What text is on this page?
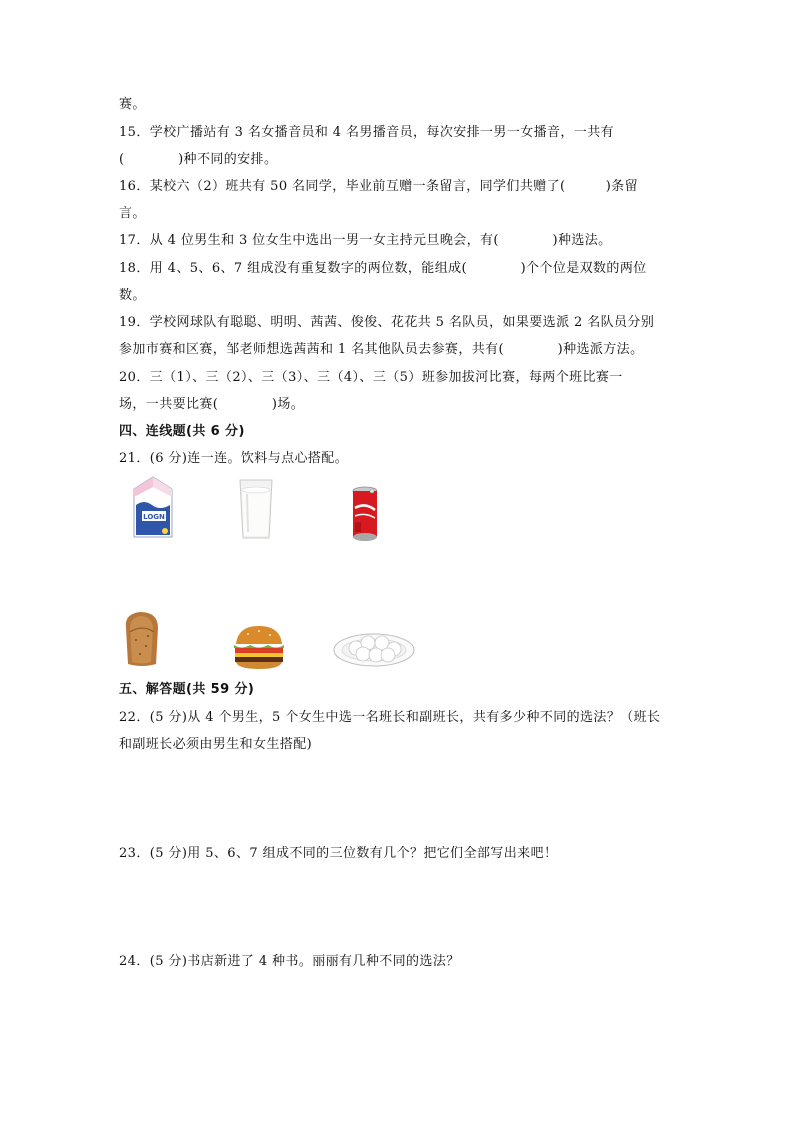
赛。
15．学校广播站有 3 名女播音员和 4 名男播音员，每次安排一男一女播音，一共有
(　　　　)种不同的安排。
16．某校六（2）班共有 50 名同学，毕业前互赠一条留言，同学们共赠了(　　　)条留
言。
17．从 4 位男生和 3 位女生中选出一男一女主持元旦晚会，有(　　　　)种选法。
18．用 4、5、6、7 组成没有重复数字的两位数，能组成(　　　　)个个位是双数的两位
数。
19．学校网球队有聪聪、明明、茜茜、俊俊、花花共 5 名队员，如果要选派 2 名队员分别
参加市赛和区赛，邹老师想选茜茜和 1 名其他队员去参赛，共有(　　　　)种选派方法。
20．三（1）、三（2）、三（3）、三（4）、三（5）班参加拔河比赛，每两个班比赛一
场，一共要比赛(　　　　)场。
四、连线题(共 6 分)
21．(6 分)连一连。饮料与点心搭配。
LOGN
五、解答题(共 59 分)
22．(5 分)从 4 个男生，5 个女生中选一名班长和副班长，共有多少种不同的选法？（班长
和副班长必须由男生和女生搭配)
23．(5 分)用 5、6、7 组成不同的三位数有几个？把它们全部写出来吧！
24．(5 分)书店新进了 4 种书。丽丽有几种不同的选法？
